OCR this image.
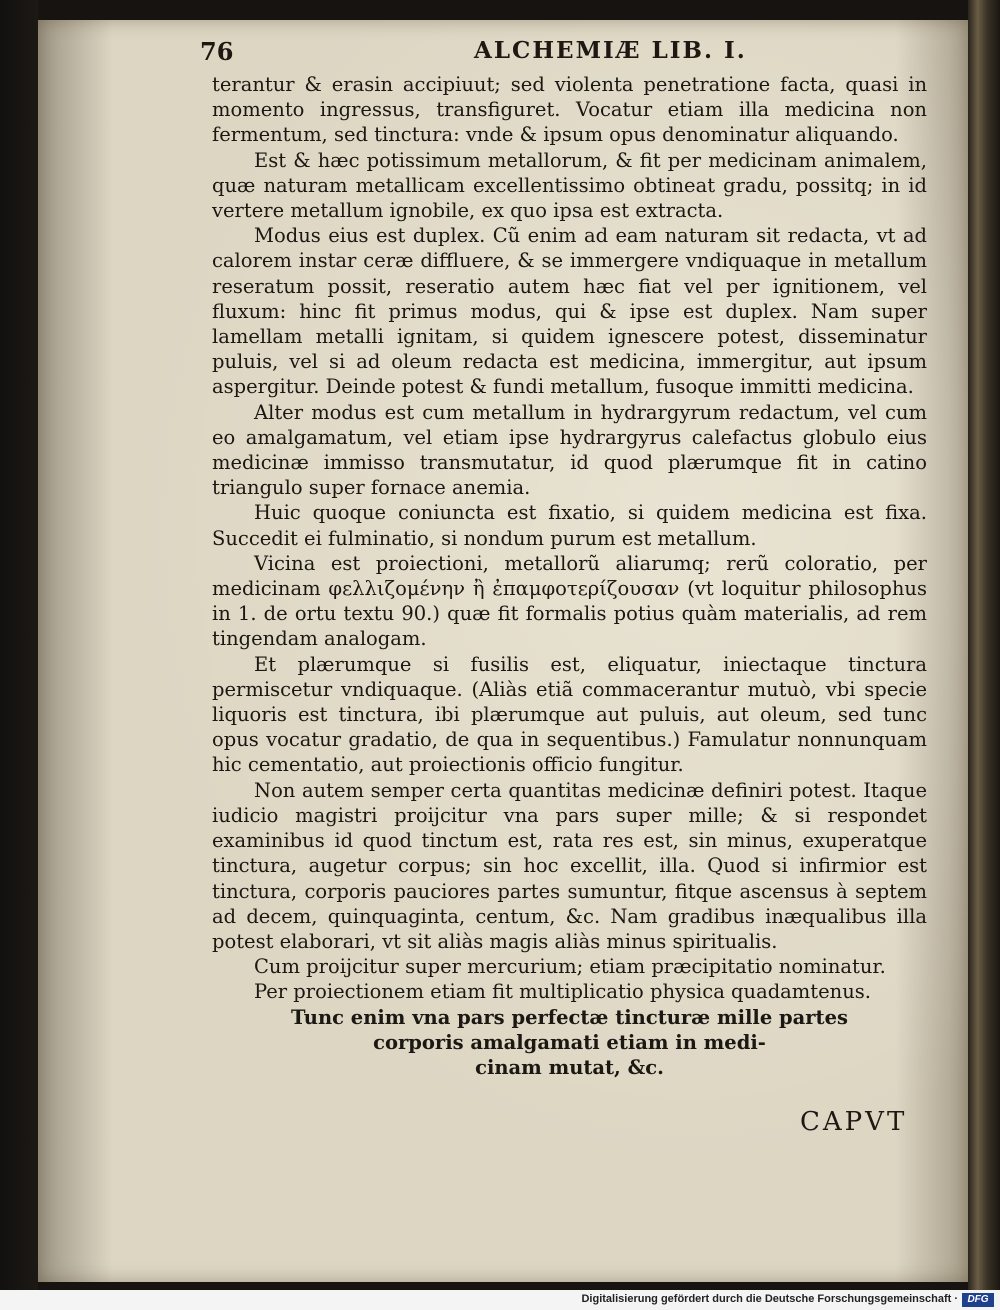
76	ALCHEMIÆ LIB. I.

terantur & erasin accipiuut; sed violenta penetratione facta, quasi in momento ingressus, transfiguret. Vocatur etiam illa medicina non fermentum, sed tinctura: vnde & ipsum opus denominatur aliquando.

Est & hæc potissimum metallorum, & fit per medicinam animalem, quæ naturam metallicam excellentissimo obtineat gradu, possitq; in id vertere metallum ignobile, ex quo ipsa est extracta.

Modus eius est duplex. Cũ enim ad eam naturam sit redacta, vt ad calorem instar ceræ diffluere, & se immergere vndiquaque in metallum reseratum possit, reseratio autem hæc fiat vel per ignitionem, vel fluxum: hinc fit primus modus, qui & ipse est duplex. Nam super lamellam metalli ignitam, si quidem ignescere potest, disseminatur puluis, vel si ad oleum redacta est medicina, immergitur, aut ipsum aspergitur. Deinde potest & fundi metallum, fusoque immitti medicina.

Alter modus est cum metallum in hydrargyrum redactum, vel cum eo amalgamatum, vel etiam ipse hydrargyrus calefactus globulo eius medicinæ immisso transmutatur, id quod plærumque fit in catino triangulo super fornace anemia.

Huic quoque coniuncta est fixatio, si quidem medicina est fixa. Succedit ei fulminatio, si nondum purum est metallum.

Vicina est proiectioni, metallorũ aliarumq; rerũ coloratio, per medicinam φελλιζομένην ἢ ἐπαμφοτερίζουσαν (vt loquitur philosophus in 1. de ortu textu 90.) quæ fit formalis potius quàm materialis, ad rem tingendam analogam.

Et plærumque si fusilis est, eliquatur, iniectaque tinctura permiscetur vndiquaque. (Aliàs etiã commacerantur mutuò, vbi specie liquoris est tinctura, ibi plærumque aut puluis, aut oleum, sed tunc opus vocatur gradatio, de qua in sequentibus.) Famulatur nonnunquam hic cementatio, aut proiectionis officio fungitur.

Non autem semper certa quantitas medicinæ definiri potest. Itaque iudicio magistri proijcitur vna pars super mille; & si respondet examinibus id quod tinctum est, rata res est, sin minus, exuperatque tinctura, augetur corpus; sin hoc excellit, illa. Quod si infirmior est tinctura, corporis pauciores partes sumuntur, fitque ascensus à septem ad decem, quinquaginta, centum, &c. Nam gradibus inæqualibus illa potest elaborari, vt sit aliàs magis aliàs minus spiritualis.

Cum proijcitur super mercurium; etiam præcipitatio nominatur.

Per proiectionem etiam fit multiplicatio physica quadamtenus.

Tunc enim vna pars perfectæ tincturæ mille partes
corporis amalgamati etiam in medi-
cinam mutat, &c.
CAPVT
Digitalisierung gefördert durch die Deutsche Forschungsgemeinschaft · DFG
